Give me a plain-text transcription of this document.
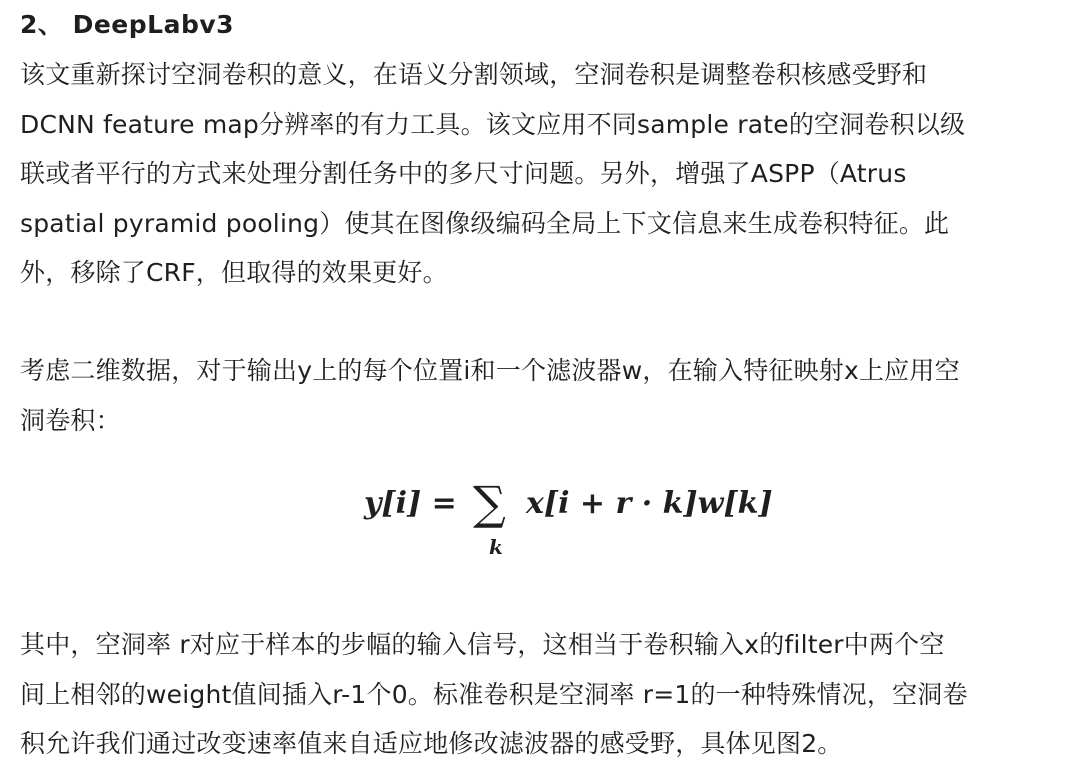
2、 DeepLabv3
该文重新探讨空洞卷积的意义，在语义分割领域，空洞卷积是调整卷积核感受野和
DCNN feature map分辨率的有力工具。该文应用不同sample rate的空洞卷积以级
联或者平行的方式来处理分割任务中的多尺寸问题。另外，增强了ASPP（Atrus
spatial pyramid pooling）使其在图像级编码全局上下文信息来生成卷积特征。此
外，移除了CRF，但取得的效果更好。
考虑二维数据，对于输出y上的每个位置i和一个滤波器w，在输入特征映射x上应用空
洞卷积：
y[i] = ∑
k
x[i + r · k]w[k]
其中，空洞率 r对应于样本的步幅的输入信号，这相当于卷积输入x的filter中两个空
间上相邻的weight值间插入r-1个0。标准卷积是空洞率 r=1的一种特殊情况，空洞卷
积允许我们通过改变速率值来自适应地修改滤波器的感受野，具体见图2。
